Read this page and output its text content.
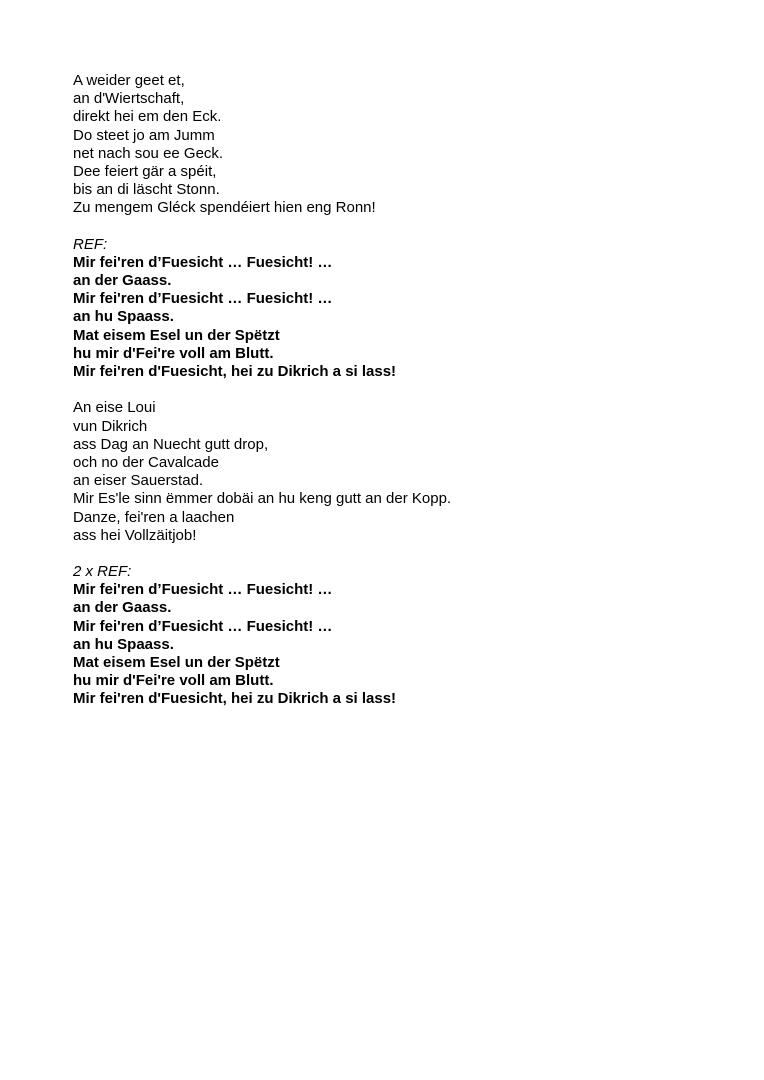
A weider geet et,
an d'Wiertschaft,
direkt hei em den Eck.
Do steet jo am Jumm
net nach sou ee Geck.
Dee feiert gär a spéit,
bis an di läscht Stonn.
Zu mengem Gléck spendéiert hien eng Ronn!
REF:
Mir fei'ren d’Fuesicht … Fuesicht! …
an der Gaass.
Mir fei'ren d’Fuesicht … Fuesicht! …
an hu Spaass.
Mat eisem Esel un der Spëtzt
hu mir d'Fei're voll am Blutt.
Mir fei'ren d'Fuesicht, hei zu Dikrich a si lass!
An eise Loui
vun Dikrich
ass Dag an Nuecht gutt drop,
och no der Cavalcade
an eiser Sauerstad.
Mir Es'le sinn ëmmer dobäi an hu keng gutt an der Kopp.
Danze, fei'ren a laachen
ass hei Vollzäitjob!
2 x REF:
Mir fei'ren d’Fuesicht … Fuesicht! …
an der Gaass.
Mir fei'ren d’Fuesicht … Fuesicht! …
an hu Spaass.
Mat eisem Esel un der Spëtzt
hu mir d'Fei're voll am Blutt.
Mir fei'ren d'Fuesicht, hei zu Dikrich a si lass!
